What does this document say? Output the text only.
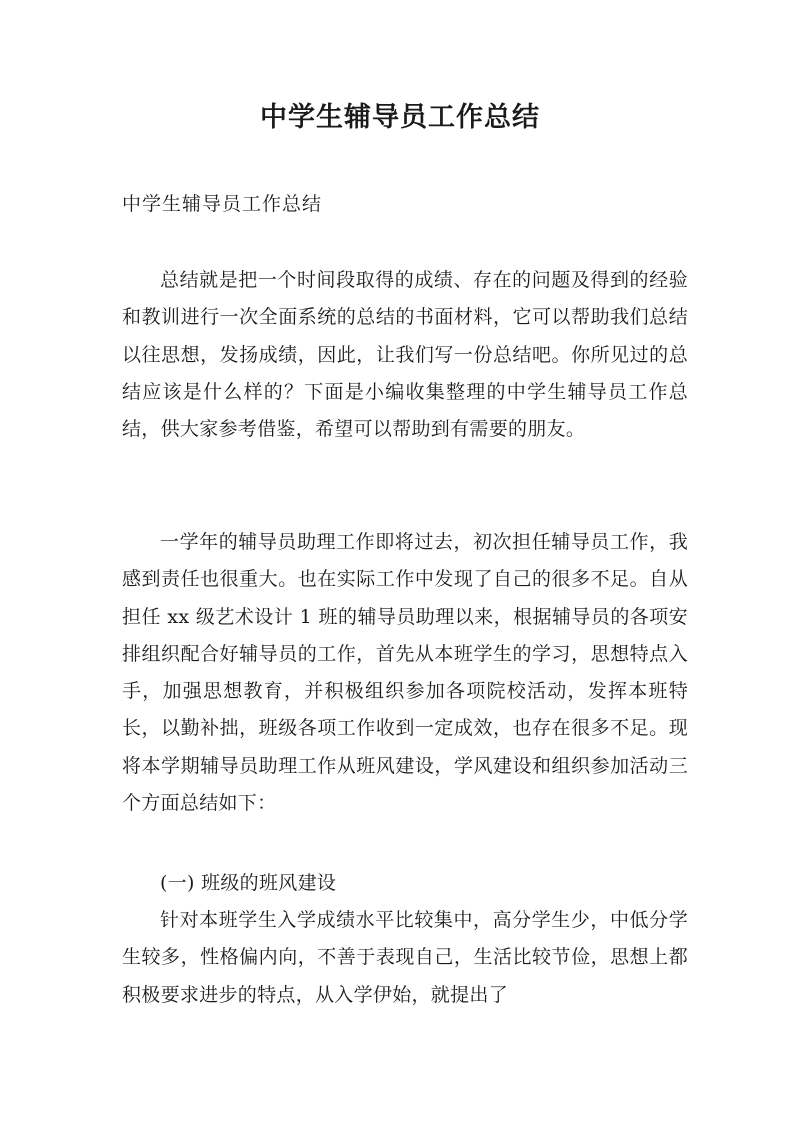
中学生辅导员工作总结

中学生辅导员工作总结

总结就是把一个时间段取得的成绩、存在的问题及得到的经验和教训进行一次全面系统的总结的书面材料，它可以帮助我们总结以往思想，发扬成绩，因此，让我们写一份总结吧。你所见过的总结应该是什么样的？下面是小编收集整理的中学生辅导员工作总结，供大家参考借鉴，希望可以帮助到有需要的朋友。

一学年的辅导员助理工作即将过去，初次担任辅导员工作，我感到责任也很重大。也在实际工作中发现了自己的很多不足。自从担任 xx 级艺术设计 1 班的辅导员助理以来，根据辅导员的各项安排组织配合好辅导员的工作，首先从本班学生的学习，思想特点入手，加强思想教育，并积极组织参加各项院校活动，发挥本班特长，以勤补拙，班级各项工作收到一定成效，也存在很多不足。现将本学期辅导员助理工作从班风建设，学风建设和组织参加活动三个方面总结如下：

(一) 班级的班风建设

针对本班学生入学成绩水平比较集中，高分学生少，中低分学生较多，性格偏内向，不善于表现自己，生活比较节俭，思想上都积极要求进步的特点，从入学伊始，就提出了
